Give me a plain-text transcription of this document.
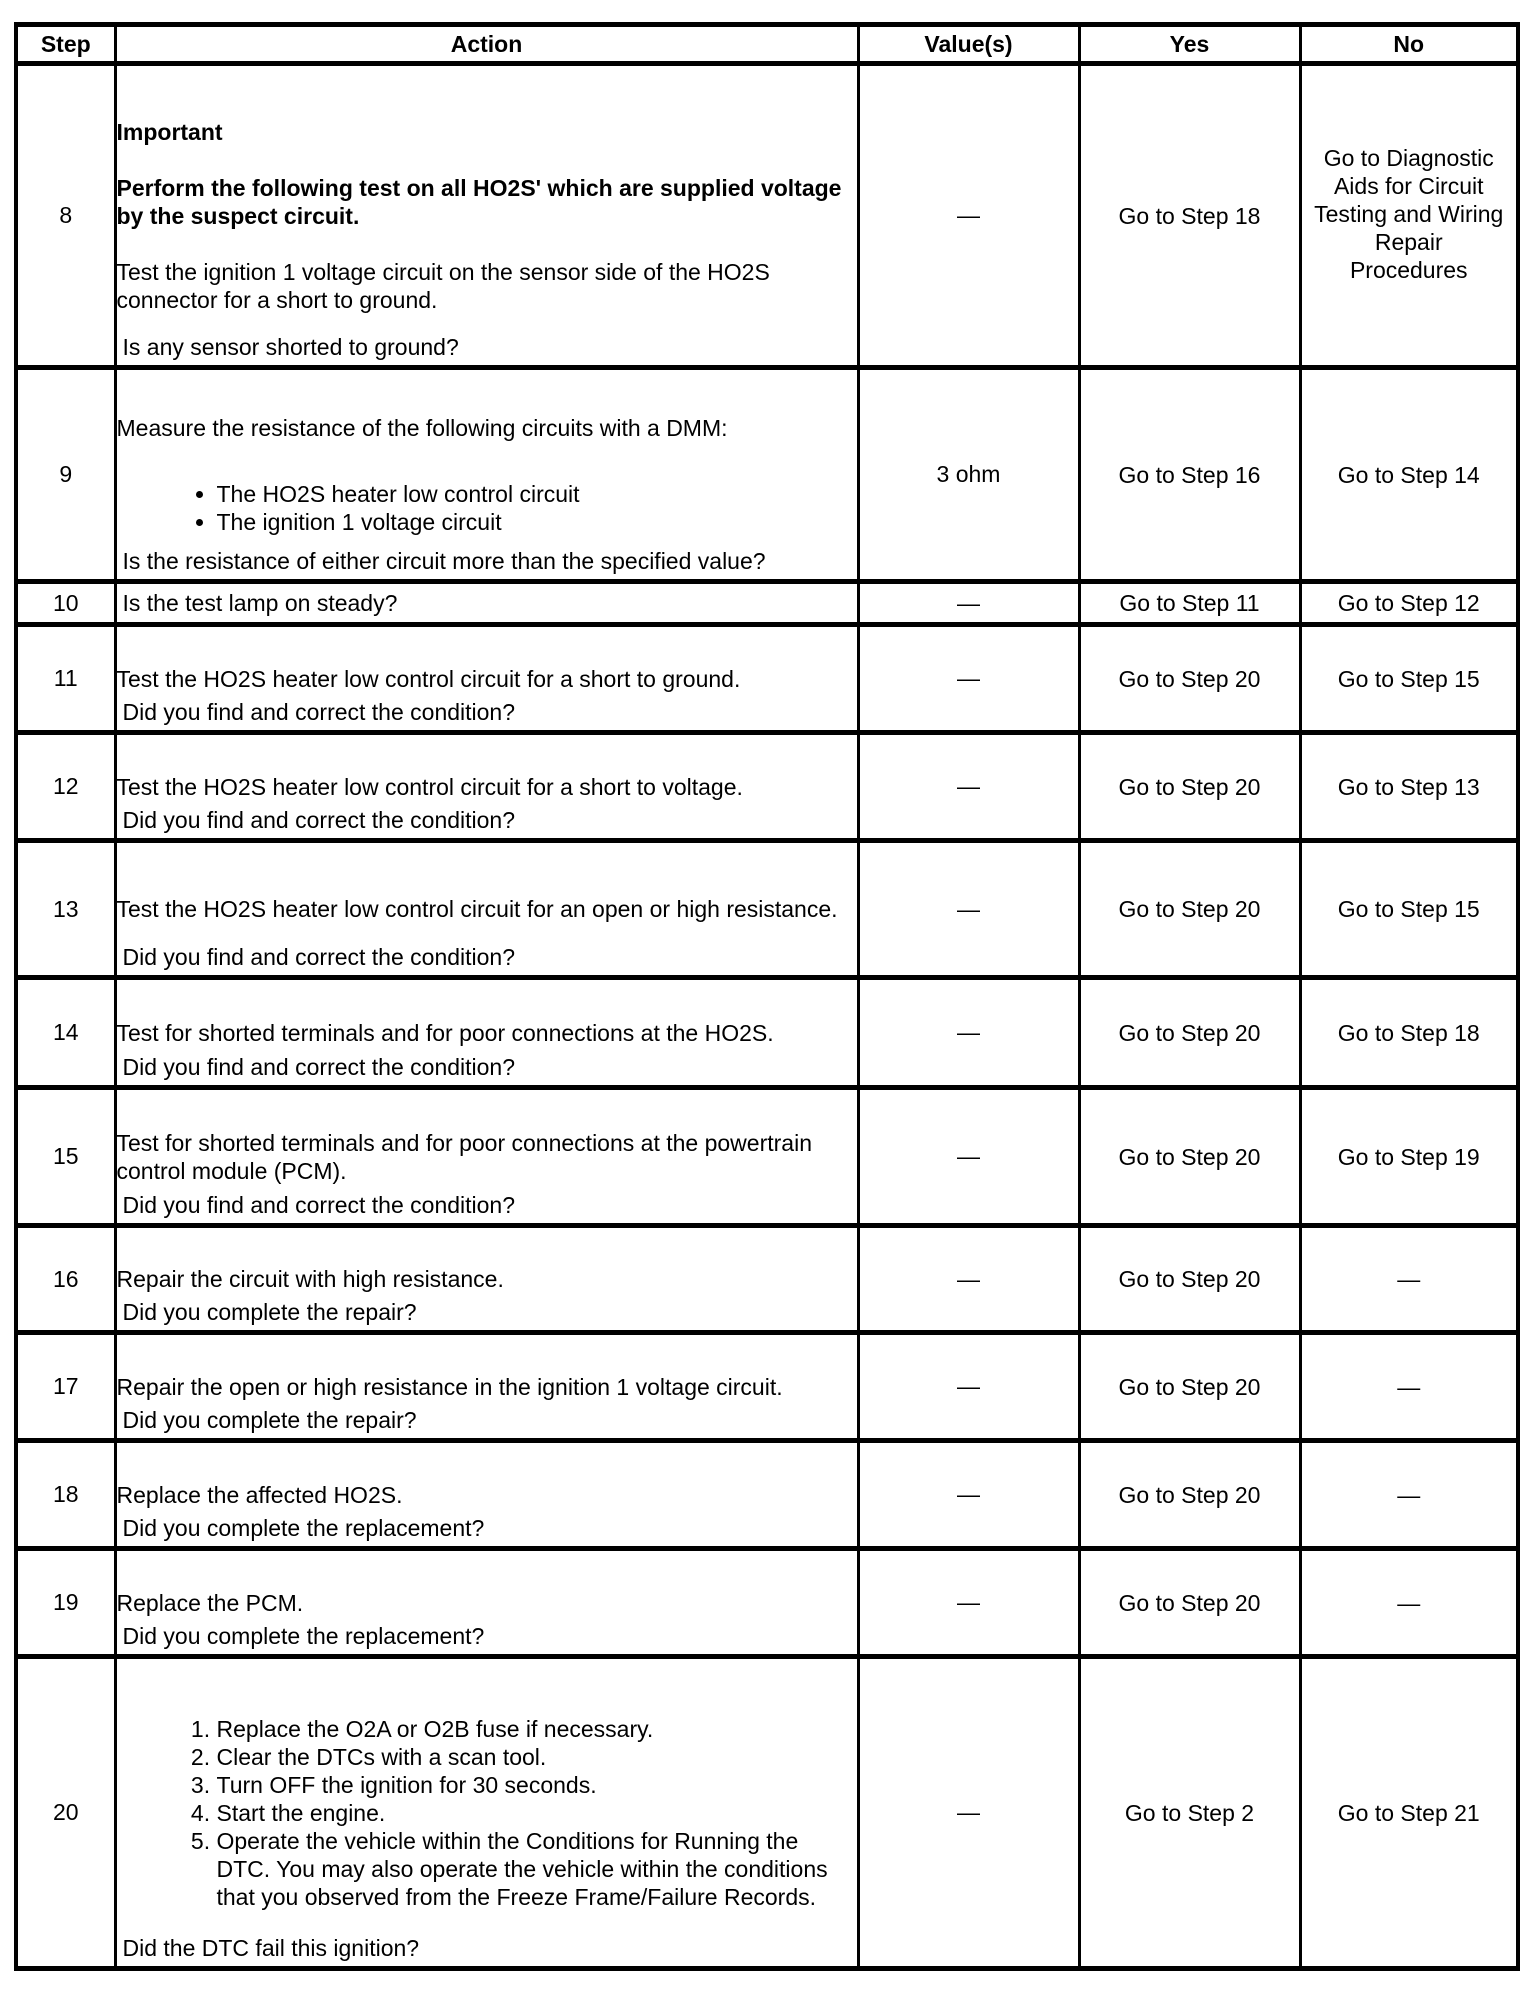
Step	Action	Value(s)	Yes	No
8	Important
Perform the following test on all HO2S' which are supplied voltage by the suspect circuit.
Test the ignition 1 voltage circuit on the sensor side of the HO2S connector for a short to ground.
Is any sensor shorted to ground?	—	Go to Step 18	Go to Diagnostic Aids for Circuit Testing and Wiring Repair Procedures
9	
Measure the resistance of the following circuits with a DMM:
• The HO2S heater low control circuit
• The ignition 1 voltage circuit
Is the resistance of either circuit more than the specified value?
	3 ohm	Go to Step 16	Go to Step 14
10	Is the test lamp on steady?	—	Go to Step 11	Go to Step 12
11	Test the HO2S heater low control circuit for a short to ground.
Did you find and correct the condition?	—	Go to Step 20	Go to Step 15
12	Test the HO2S heater low control circuit for a short to voltage.
Did you find and correct the condition?	—	Go to Step 20	Go to Step 13
13	Test the HO2S heater low control circuit for an open or high resistance.
Did you find and correct the condition?	—	Go to Step 20	Go to Step 15
14	Test for shorted terminals and for poor connections at the HO2S.
Did you find and correct the condition?	—	Go to Step 20	Go to Step 18
15	Test for shorted terminals and for poor connections at the powertrain control module (PCM).
Did you find and correct the condition?	—	Go to Step 20	Go to Step 19
16	Repair the circuit with high resistance.
Did you complete the repair?	—	Go to Step 20	—
17	Repair the open or high resistance in the ignition 1 voltage circuit.
Did you complete the repair?	—	Go to Step 20	—
18	Replace the affected HO2S.
Did you complete the replacement?	—	Go to Step 20	—
19	Replace the PCM.
Did you complete the replacement?	—	Go to Step 20	—
20	
1. Replace the O2A or O2B fuse if necessary.
2. Clear the DTCs with a scan tool.
3. Turn OFF the ignition for 30 seconds.
4. Start the engine.
5. Operate the vehicle within the Conditions for Running the DTC. You may also operate the vehicle within the conditions that you observed from the Freeze Frame/Failure Records.
Did the DTC fail this ignition?
	—	Go to Step 2	Go to Step 21
